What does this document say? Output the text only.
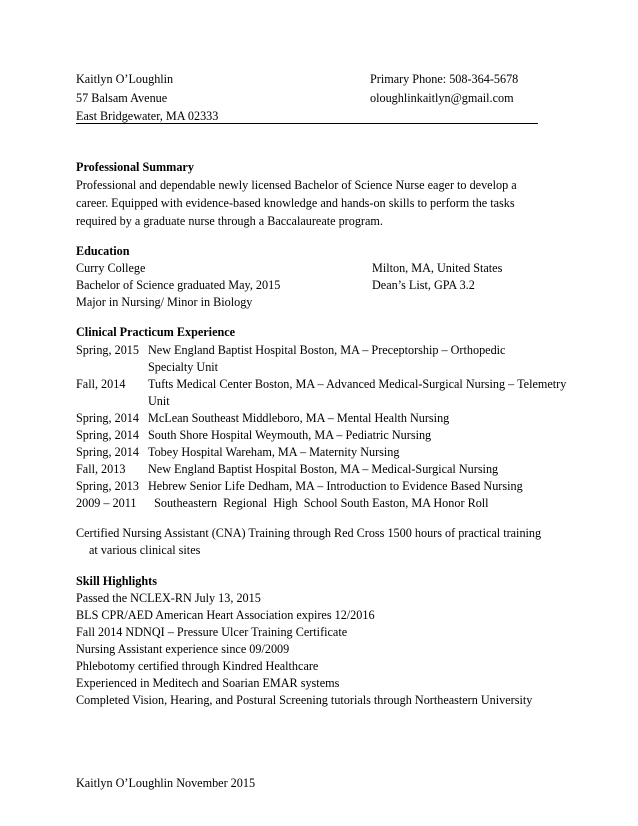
Kaitlyn O’Loughlin
57 Balsam Avenue
East Bridgewater, MA 02333
Primary Phone: 508-364-5678
oloughlinkaitlyn@gmail.com
Professional Summary
Professional and dependable newly licensed Bachelor of Science Nurse eager to develop a
career. Equipped with evidence-based knowledge and hands-on skills to perform the tasks
required by a graduate nurse through a Baccalaureate program.
Education
Curry College	Milton, MA, United States
Bachelor of Science graduated May, 2015	Dean’s List, GPA 3.2
Major in Nursing/ Minor in Biology
Clinical Practicum Experience
Spring, 2015 New England Baptist Hospital Boston, MA – Preceptorship – Orthopedic
Specialty Unit
Fall, 2014 Tufts Medical Center Boston, MA – Advanced Medical-Surgical Nursing – Telemetry
Unit
Spring, 2014 McLean Southeast Middleboro, MA – Mental Health Nursing
Spring, 2014 South Shore Hospital Weymouth, MA – Pediatric Nursing
Spring, 2014 Tobey Hospital Wareham, MA – Maternity Nursing
Fall, 2013 New England Baptist Hospital Boston, MA – Medical-Surgical Nursing
Spring, 2013 Hebrew Senior Life Dedham, MA – Introduction to Evidence Based Nursing
2009 – 2011 Southeastern  Regional  High  School South Easton, MA Honor Roll
Certified Nursing Assistant (CNA) Training through Red Cross 1500 hours of practical training
at various clinical sites
Skill Highlights
Passed the NCLEX-RN July 13, 2015
BLS CPR/AED American Heart Association expires 12/2016
Fall 2014 NDNQI – Pressure Ulcer Training Certificate
Nursing Assistant experience since 09/2009
Phlebotomy certified through Kindred Healthcare
Experienced in Meditech and Soarian EMAR systems
Completed Vision, Hearing, and Postural Screening tutorials through Northeastern University
Kaitlyn O’Loughlin November 2015
